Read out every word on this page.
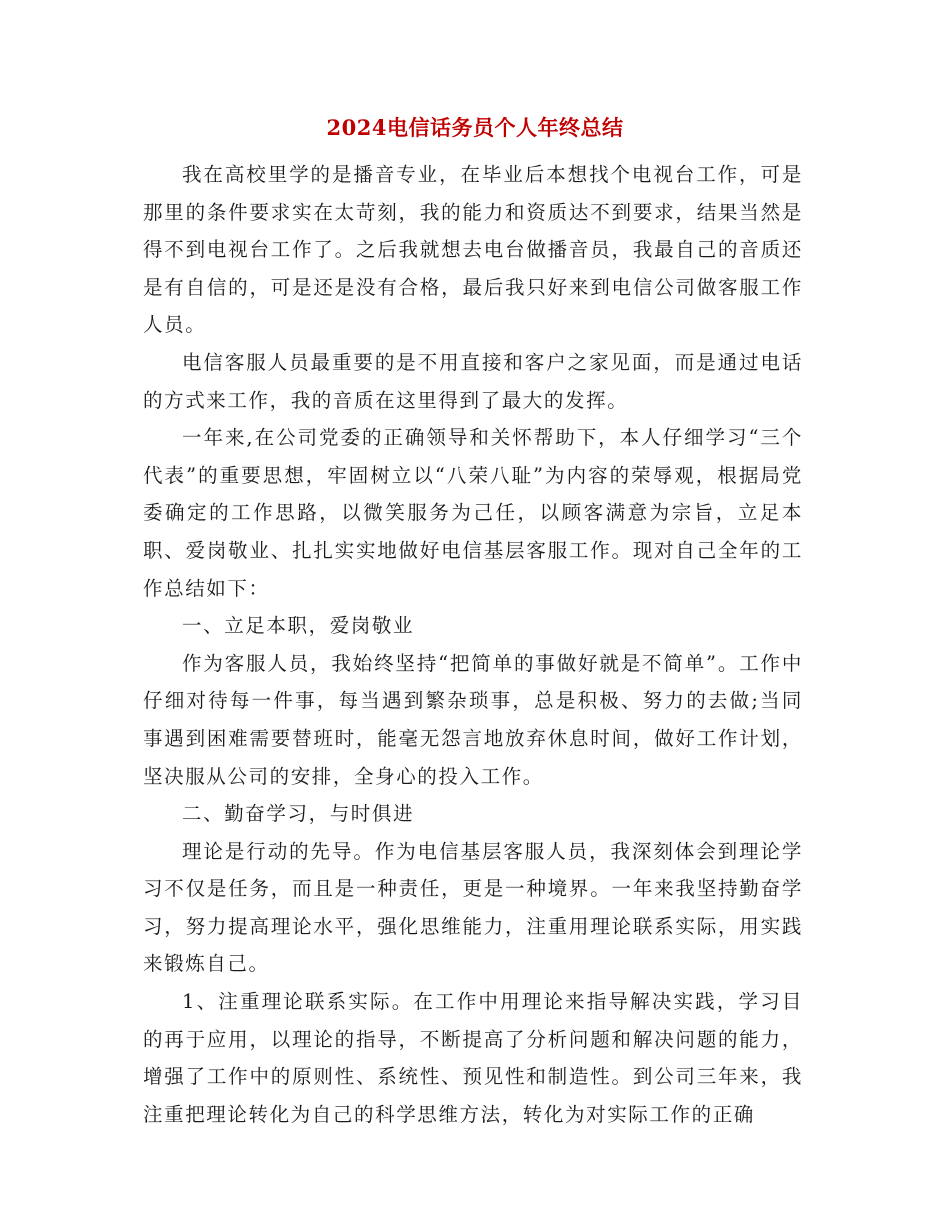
2024电信话务员个人年终总结

我在高校里学的是播音专业，在毕业后本想找个电视台工作，可是那里的条件要求实在太苛刻，我的能力和资质达不到要求，结果当然是得不到电视台工作了。之后我就想去电台做播音员，我最自己的音质还是有自信的，可是还是没有合格，最后我只好来到电信公司做客服工作人员。

电信客服人员最重要的是不用直接和客户之家见面，而是通过电话的方式来工作，我的音质在这里得到了最大的发挥。

一年来,在公司党委的正确领导和关怀帮助下，本人仔细学习“三个代表”的重要思想，牢固树立以“八荣八耻”为内容的荣辱观，根据局党委确定的工作思路，以微笑服务为己任，以顾客满意为宗旨，立足本职、爱岗敬业、扎扎实实地做好电信基层客服工作。现对自己全年的工作总结如下：

一、立足本职，爱岗敬业

作为客服人员，我始终坚持“把简单的事做好就是不简单”。工作中仔细对待每一件事，每当遇到繁杂琐事，总是积极、努力的去做;当同事遇到困难需要替班时，能毫无怨言地放弃休息时间，做好工作计划，坚决服从公司的安排，全身心的投入工作。

二、勤奋学习，与时俱进

理论是行动的先导。作为电信基层客服人员，我深刻体会到理论学习不仅是任务，而且是一种责任，更是一种境界。一年来我坚持勤奋学习，努力提高理论水平，强化思维能力，注重用理论联系实际，用实践来锻炼自己。

1、注重理论联系实际。在工作中用理论来指导解决实践，学习目的再于应用，以理论的指导，不断提高了分析问题和解决问题的能力，增强了工作中的原则性、系统性、预见性和制造性。到公司三年来，我注重把理论转化为自己的科学思维方法，转化为对实际工作的正确
